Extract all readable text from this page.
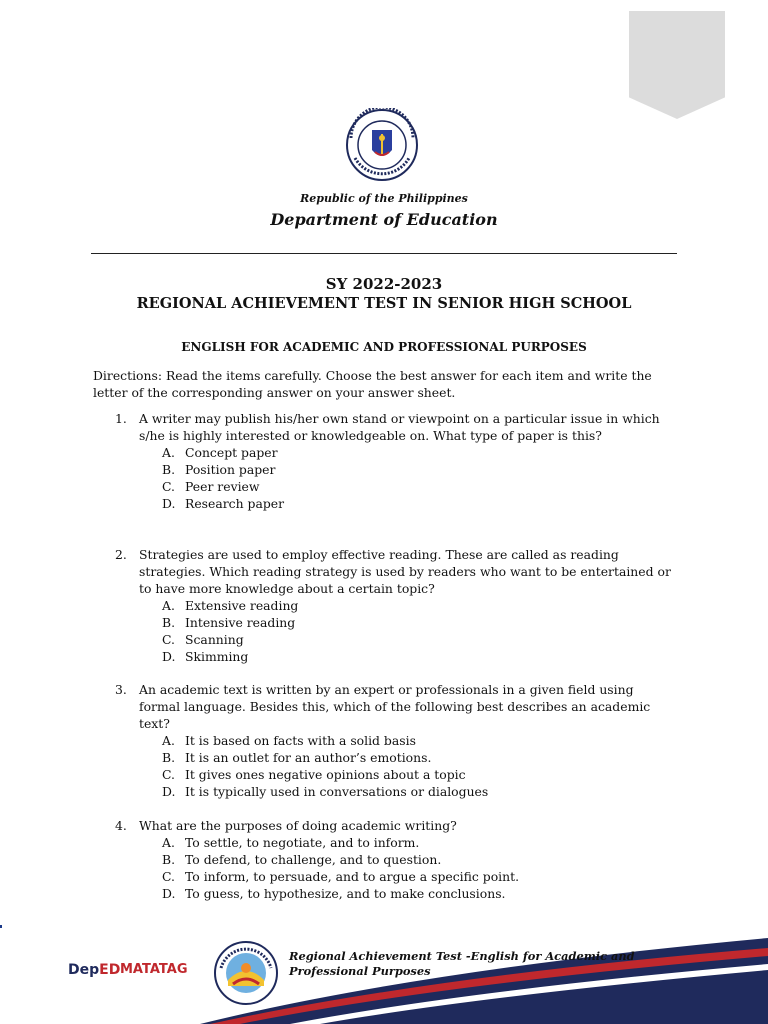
Republic of the Philippines
Department of Education
SY 2022-2023
REGIONAL ACHIEVEMENT TEST IN SENIOR HIGH SCHOOL
ENGLISH FOR ACADEMIC AND PROFESSIONAL PURPOSES
Directions: Read the items carefully. Choose the best answer for each item and write the letter of the corresponding answer on your answer sheet.
1. A writer may publish his/her own stand or viewpoint on a particular issue in which s/he is highly interested or knowledgeable on. What type of paper is this?
A. Concept paper
B. Position paper
C. Peer review
D. Research paper
2. Strategies are used to employ effective reading. These are called as reading strategies. Which reading strategy is used by readers who want to be entertained or to have more knowledge about a certain topic?
A. Extensive reading
B. Intensive reading
C. Scanning
D. Skimming
3. An academic text is written by an expert or professionals in a given field using formal language. Besides this, which of the following best describes an academic text?
A. It is based on facts with a solid basis
B. It is an outlet for an author’s emotions.
C. It gives ones negative opinions about a topic
D. It is typically used in conversations or dialogues
4. What are the purposes of doing academic writing?
A. To settle, to negotiate, and to inform.
B. To defend, to challenge, and to question.
C. To inform, to persuade, and to argue a specific point.
D. To guess, to hypothesize, and to make conclusions.
DepED MATATAG
Regional Achievement Test -English for Academic and
Professional Purposes
